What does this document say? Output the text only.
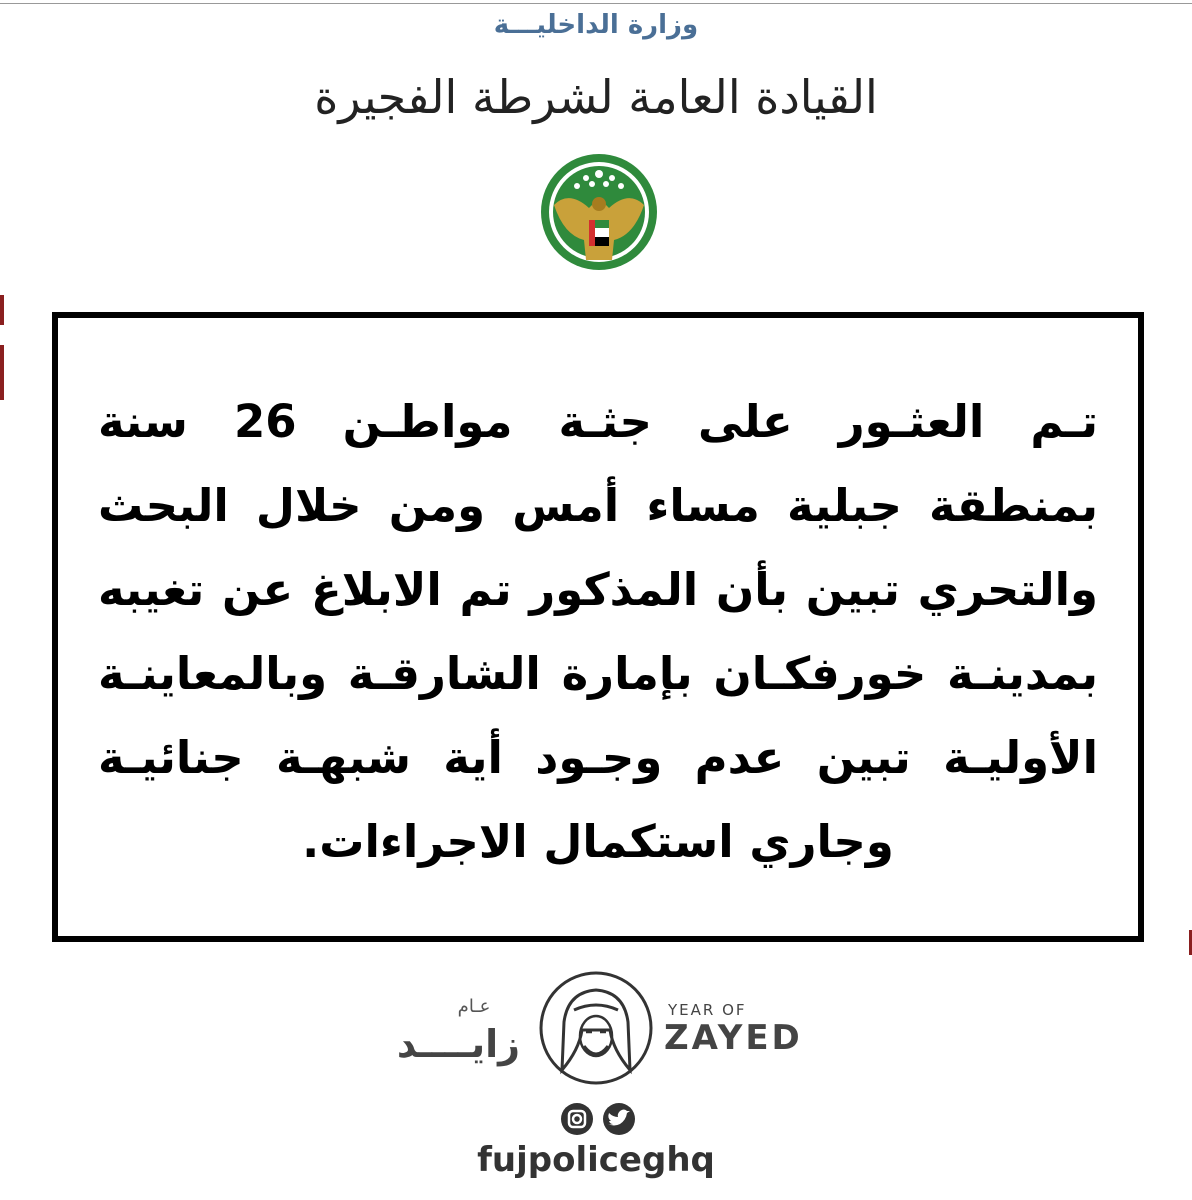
وزارة الداخليـــة
القيادة العامة لشرطة الفجيرة
تـم العثـور على جثـة مواطـن 26 سنة بمنطقة جبلية مساء أمس ومن خلال البحث والتحري تبين بأن المذكور تم الابلاغ عن تغيبه بمدينـة خورفكـان بإمارة الشارقـة وبالمعاينـة الأوليـة تبين عدم وجـود أية شبهـة جنائيـة وجاري استكمال الاجراءات.
عـام
زايــــد
YEAR OF
ZAYED
fujpoliceghq
